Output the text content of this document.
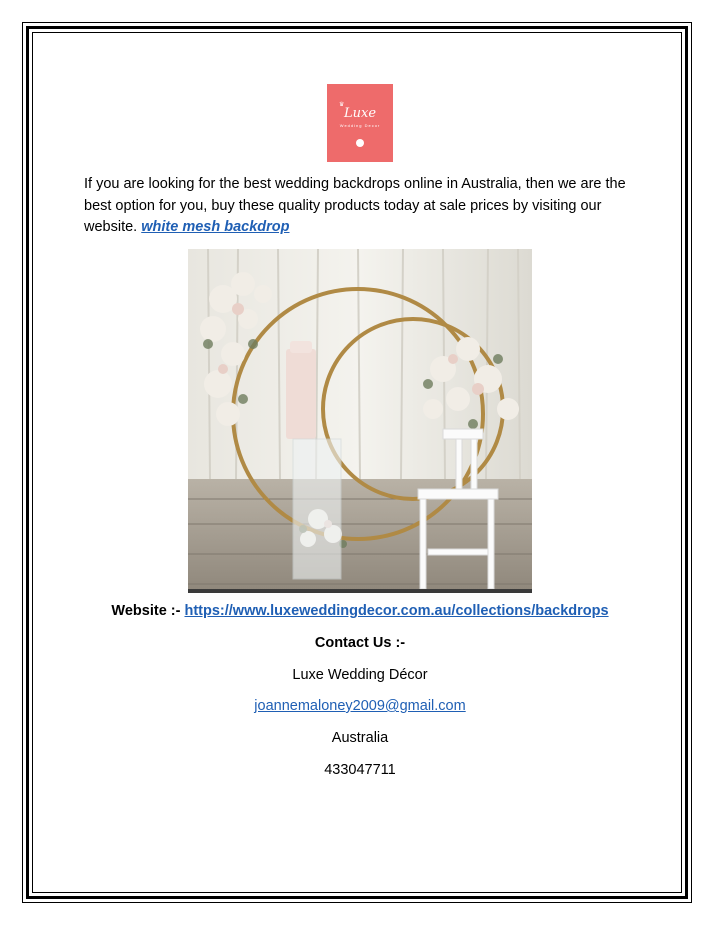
♛
Luxe
Wedding Decor

If you are looking for the best wedding backdrops online in Australia, then we are the best option for you, buy these quality products today at sale prices by visiting our website. white mesh backdrop

Website :- https://www.luxeweddingdecor.com.au/collections/backdrops
Contact Us :-
Luxe Wedding Décor
joannemaloney2009@gmail.com
Australia
433047711
